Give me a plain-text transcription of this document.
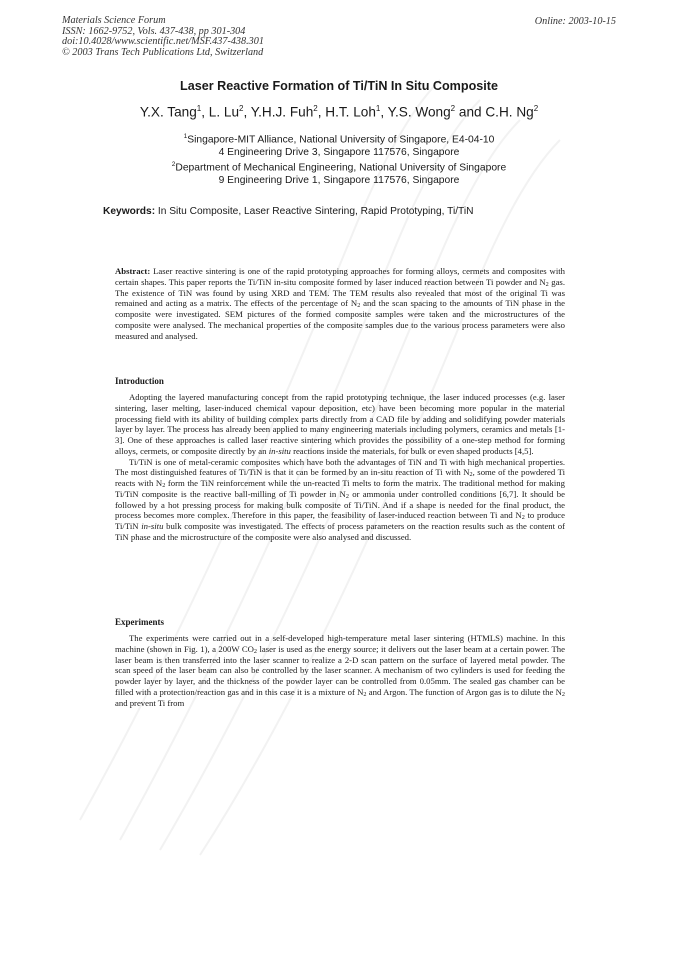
Materials Science Forum
ISSN: 1662-9752, Vols. 437-438, pp 301-304
doi:10.4028/www.scientific.net/MSF.437-438.301
© 2003 Trans Tech Publications Ltd, Switzerland
Online: 2003-10-15
Laser Reactive Formation of Ti/TiN In Situ Composite
Y.X. Tang$^1$, L. Lu$^2$, Y.H.J. Fuh$^2$, H.T. Loh$^1$, Y.S. Wong$^2$ and C.H. Ng$^2$
$^1$Singapore-MIT Alliance, National University of Singapore, E4-04-10
4 Engineering Drive 3, Singapore 117576, Singapore
$^2$Department of Mechanical Engineering, National University of Singapore
9 Engineering Drive 1, Singapore 117576, Singapore
Keywords: In Situ Composite, Laser Reactive Sintering, Rapid Prototyping, Ti/TiN

Abstract: Laser reactive sintering is one of the rapid prototyping approaches for forming alloys, cermets and composites with certain shapes. This paper reports the Ti/TiN in-situ composite formed by laser induced reaction between Ti powder and $N_2$ gas. The existence of TiN was found by using XRD and TEM. The TEM results also revealed that most of the original Ti was remained and acting as a matrix. The effects of the percentage of $N_2$ and the scan spacing to the amounts of TiN phase in the composite were investigated. SEM pictures of the formed composite samples were taken and the microstructures of the composite were analysed. The mechanical properties of the composite samples due to the various process parameters were also measured and analysed.

Introduction

Adopting the layered manufacturing concept from the rapid prototyping technique, the laser induced processes (e.g. laser sintering, laser melting, laser-induced chemical vapour deposition, etc) have been becoming more popular in the material processing field with its ability of building complex parts directly from a CAD file by adding and solidifying powder materials layer by layer. The process has already been applied to many engineering materials including polymers, ceramics and metals [1-3]. One of these approaches is called laser reactive sintering which provides the possibility of a one-step method for forming alloys, cermets, or composite directly by an in-situ reactions inside the materials, for bulk or even shaped products [4,5].

Ti/TiN is one of metal-ceramic composites which have both the advantages of TiN and Ti with high mechanical properties. The most distinguished features of Ti/TiN is that it can be formed by an in-situ reaction of Ti with $N_2$, some of the powdered Ti reacts with $N_2$ form the TiN reinforcement while the un-reacted Ti melts to form the matrix. The traditional method for making Ti/TiN composite is the reactive ball-milling of Ti powder in $N_2$ or ammonia under controlled conditions [6,7]. It should be followed by a hot pressing process for making bulk composite of Ti/TiN. And if a shape is needed for the final product, the process becomes more complex. Therefore in this paper, the feasibility of laser-induced reaction between Ti and $N_2$ to produce Ti/TiN in-situ bulk composite was investigated. The effects of process parameters on the reaction results such as the content of TiN phase and the microstructure of the composite were also analysed and discussed.

Experiments

The experiments were carried out in a self-developed high-temperature metal laser sintering (HTMLS) machine. In this machine (shown in Fig. 1), a 200W $CO_2$ laser is used as the energy source; it delivers out the laser beam at a certain power. The laser beam is then transferred into the laser scanner to realize a 2-D scan pattern on the surface of layered metal powder. The scan speed of the laser beam can also be controlled by the laser scanner. A mechanism of two cylinders is used for feeding the powder layer by layer, and the thickness of the powder layer can be controlled from 0.05mm. The sealed gas chamber can be filled with a protection/reaction gas and in this case it is a mixture of $N_2$ and Argon. The function of Argon gas is to dilute the $N_2$ and prevent Ti from
